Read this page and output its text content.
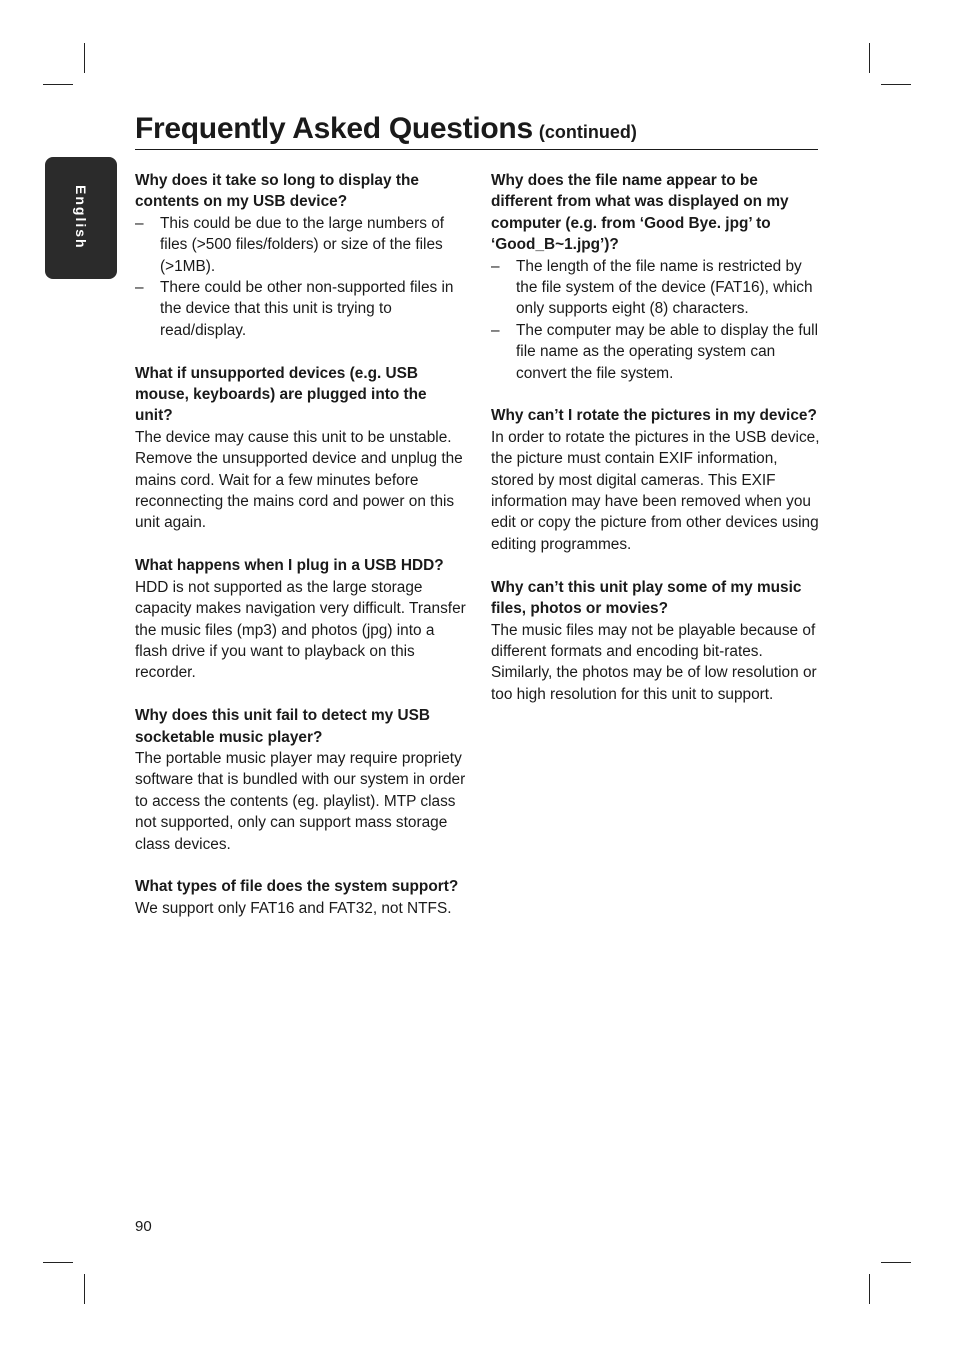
English
Frequently Asked Questions (continued)

Why does it take so long to display the contents on my USB device?

– This could be due to the large numbers of files (>500 files/folders) or size of the files (>1MB).
– There could be other non-supported files in the device that this unit is trying to read/display.

What if unsupported devices (e.g. USB mouse, keyboards) are plugged into the unit?

The device may cause this unit to be unstable. Remove the unsupported device and unplug the mains cord. Wait for a few minutes before reconnecting the mains cord and power on this unit again.

What happens when I plug in a USB HDD?

HDD is not supported as the large storage capacity makes navigation very difficult. Transfer the music files (mp3) and photos (jpg) into a flash drive if you want to playback on this recorder.

Why does this unit fail to detect my USB socketable music player?

The portable music player may require propriety software that is bundled with our system in order to access the contents (eg. playlist). MTP class not supported, only can support mass storage class devices.

What types of file does the system support?

We support only FAT16 and FAT32, not NTFS.

Why does the file name appear to be different from what was displayed on my computer (e.g. from ‘Good Bye. jpg’ to ‘Good_B~1.jpg’)?

– The length of the file name is restricted by the file system of the device (FAT16), which only supports eight (8) characters.
– The computer may be able to display the full file name as the operating system can convert the file system.

Why can’t I rotate the pictures in my device?

In order to rotate the pictures in the USB device, the picture must contain EXIF information, stored by most digital cameras. This EXIF information may have been removed when you edit or copy the picture from other devices using editing programmes.

Why can’t this unit play some of my music files, photos or movies?

The music files may not be playable because of different formats and encoding bit-rates. Similarly, the photos may be of low resolution or too high resolution for this unit to support.

90
